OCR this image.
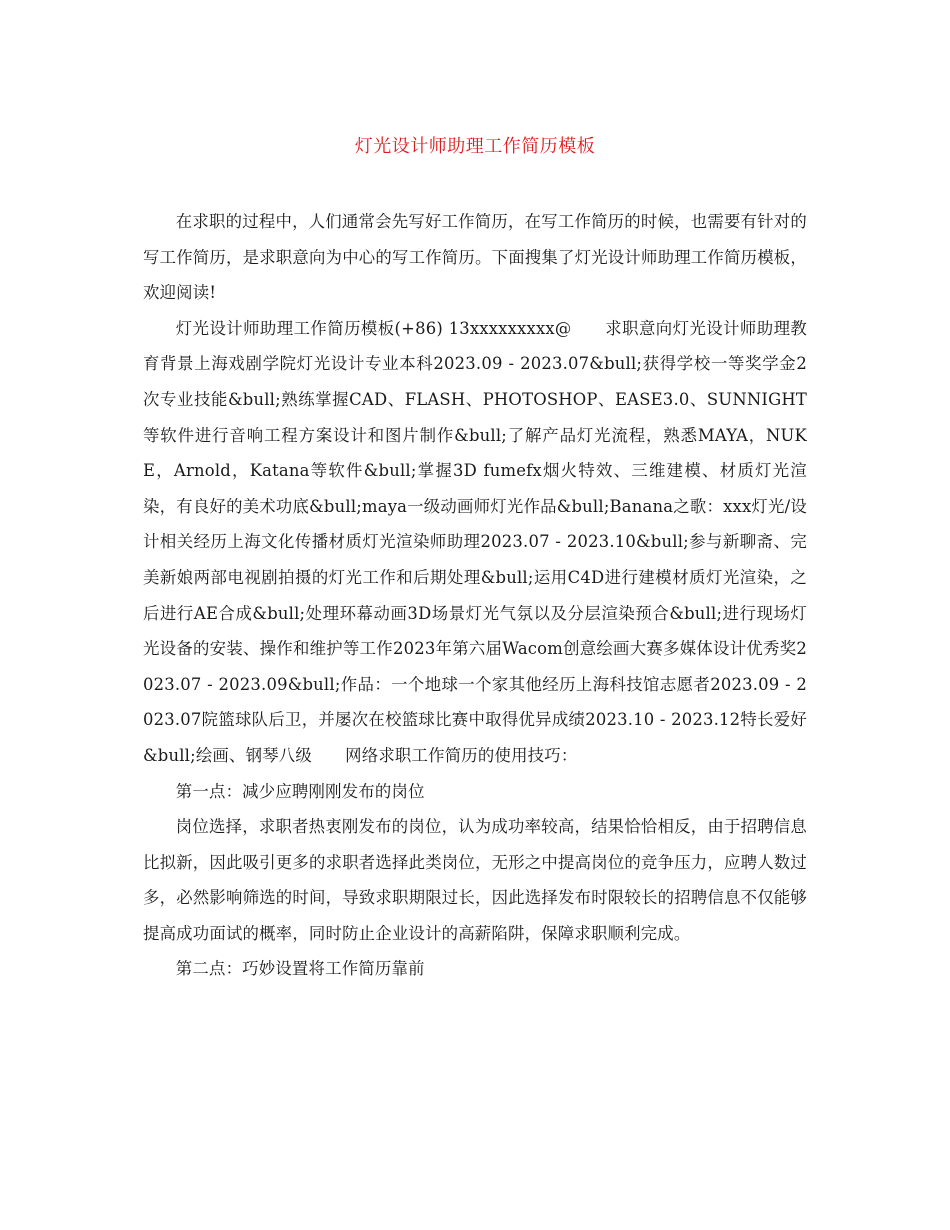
灯光设计师助理工作简历模板

在求职的过程中，人们通常会先写好工作简历，在写工作简历的时候，也需要有针对的写工作简历，是求职意向为中心的写工作简历。下面搜集了灯光设计师助理工作简历模板，欢迎阅读!

灯光设计师助理工作简历模板(+86) 13xxxxxxxxx@　　求职意向灯光设计师助理教育背景上海戏剧学院灯光设计专业本科2023.09 - 2023.07&bull;获得学校一等奖学金2次专业技能&bull;熟练掌握CAD、FLASH、PHOTOSHOP、EASE3.0、SUNNIGHT等软件进行音响工程方案设计和图片制作&bull;了解产品灯光流程，熟悉MAYA，NUKE，Arnold，Katana等软件&bull;掌握3D fumefx烟火特效、三维建模、材质灯光渲染，有良好的美术功底&bull;maya一级动画师灯光作品&bull;Banana之歌：xxx灯光/设计相关经历上海文化传播材质灯光渲染师助理2023.07 - 2023.10&bull;参与新聊斋、完美新娘两部电视剧拍摄的灯光工作和后期处理&bull;运用C4D进行建模材质灯光渲染，之后进行AE合成&bull;处理环幕动画3D场景灯光气氛以及分层渲染预合&bull;进行现场灯光设备的安装、操作和维护等工作2023年第六届Wacom创意绘画大赛多媒体设计优秀奖2023.07 - 2023.09&bull;作品：一个地球一个家其他经历上海科技馆志愿者2023.09 - 2023.07院篮球队后卫，并屡次在校篮球比赛中取得优异成绩2023.10 - 2023.12特长爱好&bull;绘画、钢琴八级　　网络求职工作简历的使用技巧：

第一点：减少应聘刚刚发布的岗位

岗位选择，求职者热衷刚发布的岗位，认为成功率较高，结果恰恰相反，由于招聘信息比拟新，因此吸引更多的求职者选择此类岗位，无形之中提高岗位的竞争压力，应聘人数过多，必然影响筛选的时间，导致求职期限过长，因此选择发布时限较长的招聘信息不仅能够提高成功面试的概率，同时防止企业设计的高薪陷阱，保障求职顺利完成。

第二点：巧妙设置将工作简历靠前
